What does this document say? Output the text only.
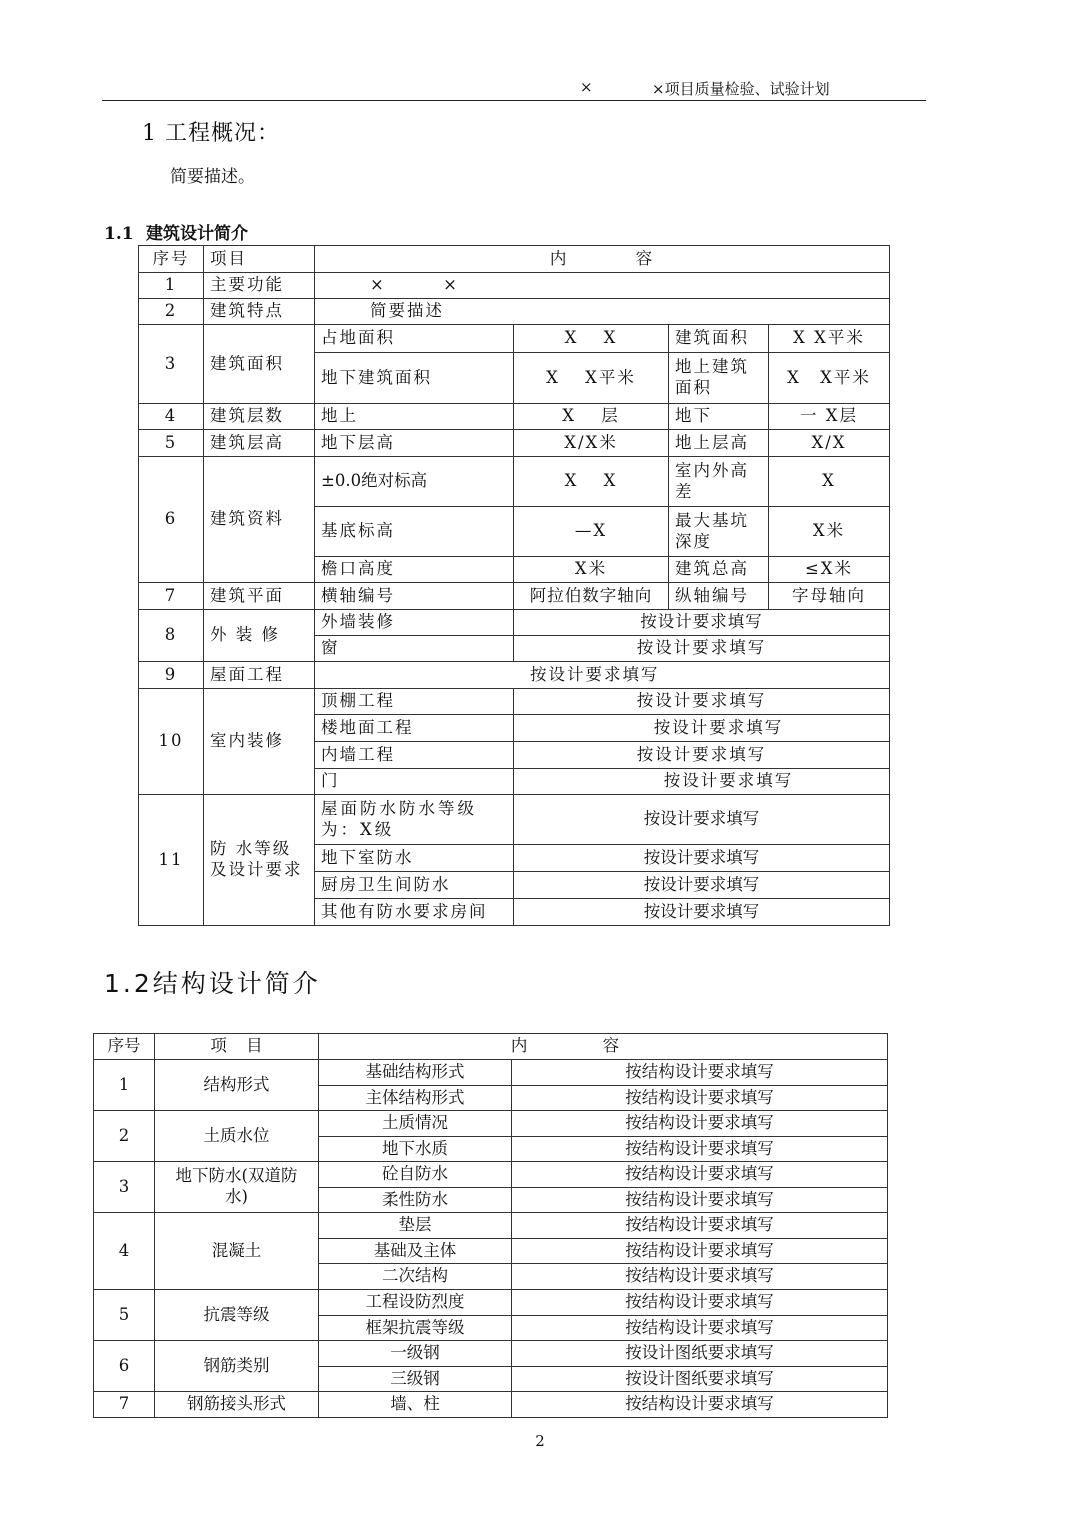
×	×项目质量检验、试验计划
1 工程概况：
简要描述。
1.1 建筑设计简介
序号	项目	内 容			
1	主要功能	× ×			
2	建筑特点	简要描述			
3	建筑面积	占地面积	X X	建筑面积	X X平米
		地下建筑面积	X X平米	地上建筑面积	X X平米
4	建筑层数	地上	X 层	地下	一 X层
5	建筑层高	地下层高	X/X米	地上层高	X/X
6	建筑资料	±0.0绝对标高	X X	室内外高差	X
		基底标高	—X	最大基坑深度	X米
		檐口高度	X米	建筑总高	≤X米
7	建筑平面	横轴编号	阿拉伯数字轴向	纵轴编号	字母轴向
8	外 装 修	外墙装修	按设计要求填写		
		窗	按设计要求填写		
9	屋面工程	按设计要求填写			
10	室内装修	顶棚工程	按设计要求填写		
		楼地面工程	按设计要求填写		
		内墙工程	按设计要求填写		
		门	按设计要求填写		
11	防 水等级及设计要求	屋面防水防水等级为：X级	按设计要求填写		
		地下室防水	按设计要求填写		
		厨房卫生间防水	按设计要求填写		
		其他有防水要求房间	按设计要求填写		
1.2结构设计简介
序号	项 目	内 容	
1	结构形式	基础结构形式	按结构设计要求填写
		主体结构形式	按结构设计要求填写
2	土质水位	土质情况	按结构设计要求填写
		地下水质	按结构设计要求填写
3	地下防水(双道防水)	砼自防水	按结构设计要求填写
		柔性防水	按结构设计要求填写
4	混凝土	垫层	按结构设计要求填写
		基础及主体	按结构设计要求填写
		二次结构	按结构设计要求填写
5	抗震等级	工程设防烈度	按结构设计要求填写
		框架抗震等级	按结构设计要求填写
6	钢筋类别	一级钢	按设计图纸要求填写
		三级钢	按设计图纸要求填写
7	钢筋接头形式	墙、柱	按结构设计要求填写
2
